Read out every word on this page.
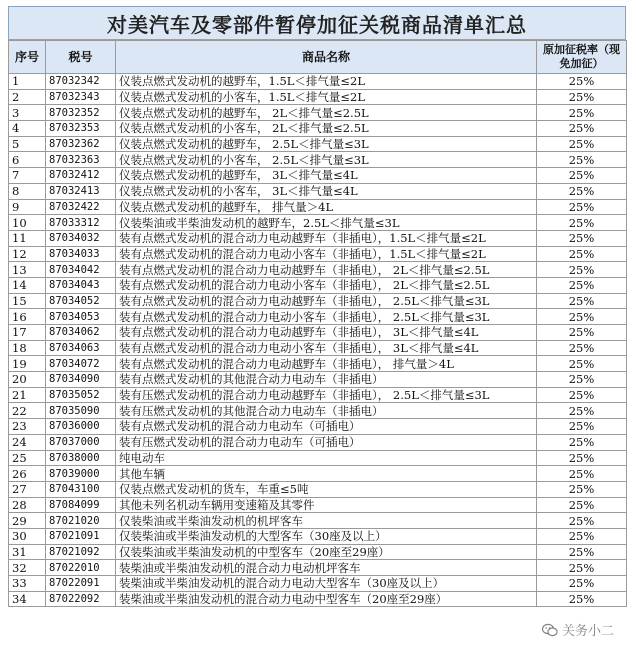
对美汽车及零部件暂停加征关税商品清单汇总
序号	税号	商品名称	原加征税率（现免加征）
1	87032342	仪装点燃式发动机的越野车，1.5L＜排气量≤2L	25%
2	87032343	仪装点燃式发动机的小客车，1.5L＜排气量≤2L	25%
3	87032352	仪装点燃式发动机的越野车， 2L＜排气量≤2.5L	25%
4	87032353	仪装点燃式发动机的小客车， 2L＜排气量≤2.5L	25%
5	87032362	仪装点燃式发动机的越野车， 2.5L＜排气量≤3L	25%
6	87032363	仪装点燃式发动机的小客车， 2.5L＜排气量≤3L	25%
7	87032412	仪装点燃式发动机的越野车， 3L＜排气量≤4L	25%
8	87032413	仪装点燃式发动机的小客车， 3L＜排气量≤4L	25%
9	87032422	仪装点燃式发动机的越野车， 排气量＞4L	25%
10	87033312	仪装柴油或半柴油发动机的越野车，2.5L＜排气量≤3L	25%
11	87034032	装有点燃式发动机的混合动力电动越野车（非插电），1.5L＜排气量≤2L	25%
12	87034033	装有点燃式发动机的混合动力电动小客车（非插电），1.5L＜排气量≤2L	25%
13	87034042	装有点燃式发动机的混合动力电动越野车（非插电）， 2L＜排气量≤2.5L	25%
14	87034043	装有点燃式发动机的混合动力电动小客车（非插电）， 2L＜排气量≤2.5L	25%
15	87034052	装有点燃式发动机的混合动力电动越野车（非插电）， 2.5L＜排气量≤3L	25%
16	87034053	装有点燃式发动机的混合动力电动小客车（非插电）， 2.5L＜排气量≤3L	25%
17	87034062	装有点燃式发动机的混合动力电动越野车（非插电）， 3L＜排气量≤4L	25%
18	87034063	装有点燃式发动机的混合动力电动小客车（非插电）， 3L＜排气量≤4L	25%
19	87034072	装有点燃式发动机的混合动力电动越野车（非插电）， 排气量＞4L	25%
20	87034090	装有点燃式发动机的其他混合动力电动车（非插电）	25%
21	87035052	装有压燃式发动机的混合动力电动越野车（非插电）， 2.5L＜排气量≤3L	25%
22	87035090	装有压燃式发动机的其他混合动力电动车（非插电）	25%
23	87036000	装有点燃式发动机的混合动力电动车（可插电）	25%
24	87037000	装有压燃式发动机的混合动力电动车（可插电）	25%
25	87038000	纯电动车	25%
26	87039000	其他车辆	25%
27	87043100	仅装点燃式发动机的货车，车重≤5吨	25%
28	87084099	其他未列名机动车辆用变速箱及其零件	25%
29	87021020	仅装柴油或半柴油发动机的机坪客车	25%
30	87021091	仅装柴油或半柴油发动机的大型客车（30座及以上）	25%
31	87021092	仅装柴油或半柴油发动机的中型客车（20座至29座）	25%
32	87022010	装柴油或半柴油发动机的混合动力电动机坪客车	25%
33	87022091	装柴油或半柴油发动机的混合动力电动大型客车（30座及以上）	25%
34	87022092	装柴油或半柴油发动机的混合动力电动中型客车（20座至29座）	25%
关务小二
